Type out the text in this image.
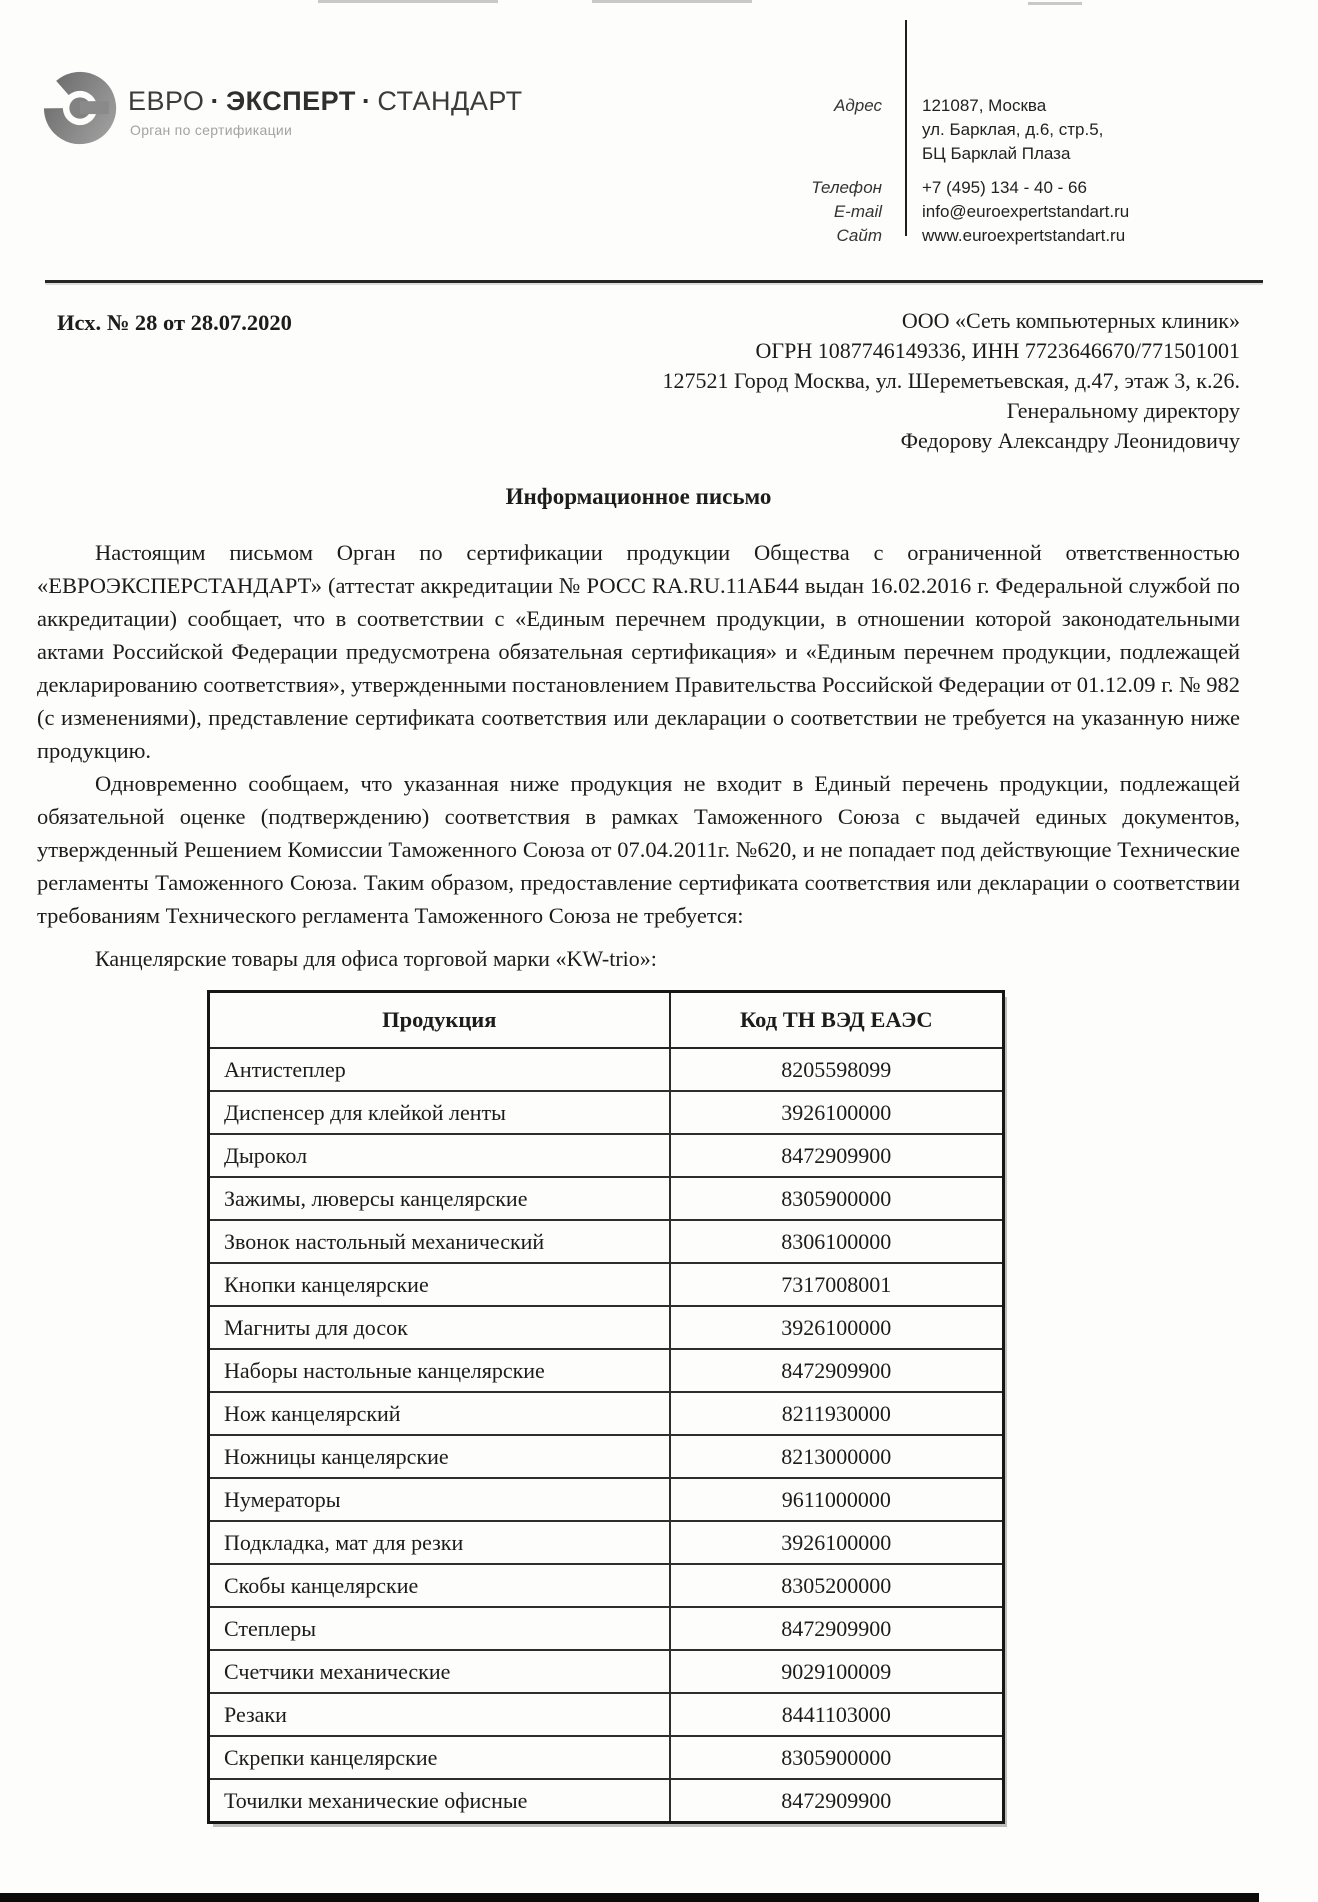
ЕВРО · ЭКСПЕРТ · СТАНДАРТ
Орган по сертификации
Адрес	121087, Москва
ул. Барклая, д.6, стр.5,
БЦ Барклай Плаза
Телефон	+7 (495) 134 - 40 - 66
E-mail	info@euroexpertstandart.ru
Сайт	www.euroexpertstandart.ru
Исх. № 28 от 28.07.2020	ООО «Сеть компьютерных клиник»
ОГРН 1087746149336, ИНН 7723646670/771501001
127521 Город Москва, ул. Шереметьевская, д.47, этаж 3, к.26.
Генеральному директору
Федорову Александру Леонидовичу
Информационное письмо

Настоящим письмом Орган по сертификации продукции Общества с ограниченной ответственностью «ЕВРОЭКСПЕРСТАНДАРТ» (аттестат аккредитации № РОСС RA.RU.11АБ44 выдан 16.02.2016 г. Федеральной службой по аккредитации) сообщает, что в соответствии с «Единым перечнем продукции, в отношении которой законодательными актами Российской Федерации предусмотрена обязательная сертификация» и «Единым перечнем продукции, подлежащей декларированию соответствия», утвержденными постановлением Правительства Российской Федерации от 01.12.09 г. № 982 (с изменениями), представление сертификата соответствия или декларации о соответствии не требуется на указанную ниже продукцию.

Одновременно сообщаем, что указанная ниже продукция не входит в Единый перечень продукции, подлежащей обязательной оценке (подтверждению) соответствия в рамках Таможенного Союза с выдачей единых документов, утвержденный Решением Комиссии Таможенного Союза от 07.04.2011г. №620, и не попадает под действующие Технические регламенты Таможенного Союза. Таким образом, предоставление сертификата соответствия или декларации о соответствии требованиям Технического регламента Таможенного Союза не требуется:

Канцелярские товары для офиса торговой марки «KW-trio»:
Продукция	Код ТН ВЭД ЕАЭС
Антистеплер	8205598099
Диспенсер для клейкой ленты	3926100000
Дырокол	8472909900
Зажимы, люверсы канцелярские	8305900000
Звонок настольный механический	8306100000
Кнопки канцелярские	7317008001
Магниты для досок	3926100000
Наборы настольные канцелярские	8472909900
Нож канцелярский	8211930000
Ножницы канцелярские	8213000000
Нумераторы	9611000000
Подкладка, мат для резки	3926100000
Скобы канцелярские	8305200000
Степлеры	8472909900
Счетчики механические	9029100009
Резаки	8441103000
Скрепки канцелярские	8305900000
Точилки механические офисные	8472909900
